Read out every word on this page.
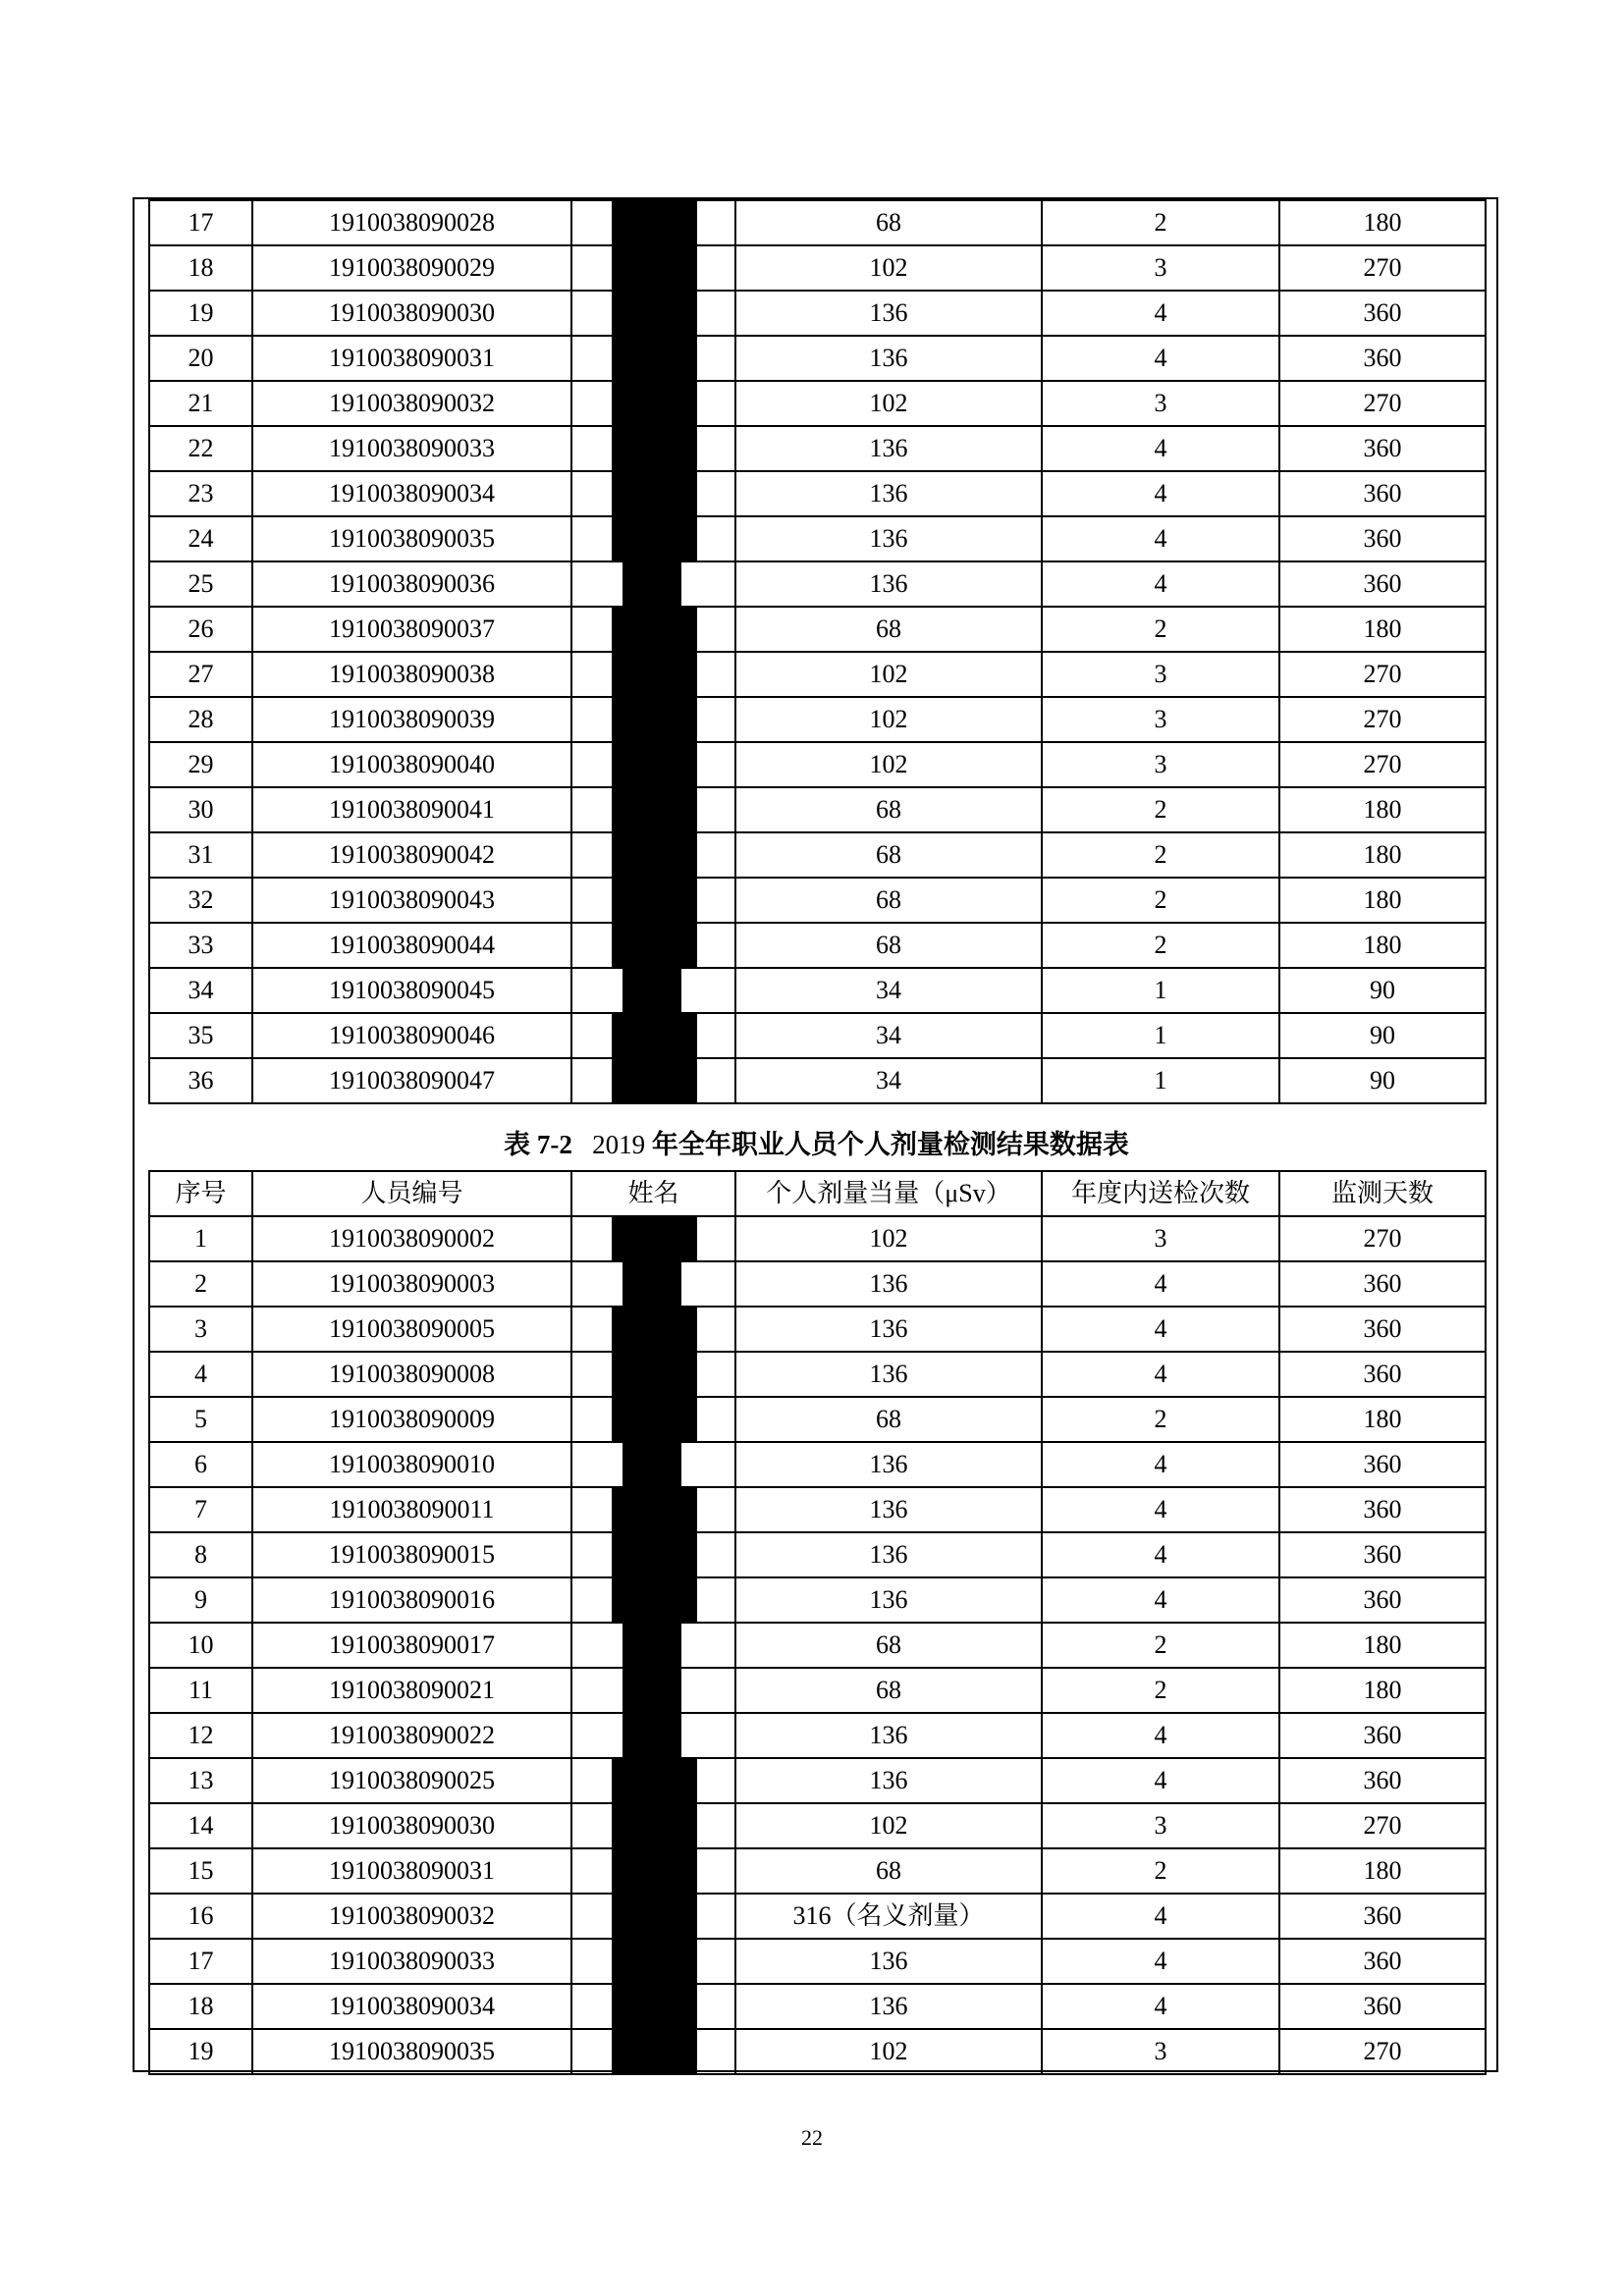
17	1910038090028		68	2	180
18	1910038090029		102	3	270
19	1910038090030		136	4	360
20	1910038090031		136	4	360
21	1910038090032		102	3	270
22	1910038090033		136	4	360
23	1910038090034		136	4	360
24	1910038090035		136	4	360
25	1910038090036		136	4	360
26	1910038090037		68	2	180
27	1910038090038		102	3	270
28	1910038090039		102	3	270
29	1910038090040		102	3	270
30	1910038090041		68	2	180
31	1910038090042		68	2	180
32	1910038090043		68	2	180
33	1910038090044		68	2	180
34	1910038090045		34	1	90
35	1910038090046		34	1	90
36	1910038090047		34	1	90
表 7-2 2019 年全年职业人员个人剂量检测结果数据表
序号	人员编号	姓名	个人剂量当量（μSv）	年度内送检次数	监测天数
1	1910038090002		102	3	270
2	1910038090003		136	4	360
3	1910038090005		136	4	360
4	1910038090008		136	4	360
5	1910038090009		68	2	180
6	1910038090010		136	4	360
7	1910038090011		136	4	360
8	1910038090015		136	4	360
9	1910038090016		136	4	360
10	1910038090017		68	2	180
11	1910038090021		68	2	180
12	1910038090022		136	4	360
13	1910038090025		136	4	360
14	1910038090030		102	3	270
15	1910038090031		68	2	180
16	1910038090032		316（名义剂量）	4	360
17	1910038090033		136	4	360
18	1910038090034		136	4	360
19	1910038090035		102	3	270
22
